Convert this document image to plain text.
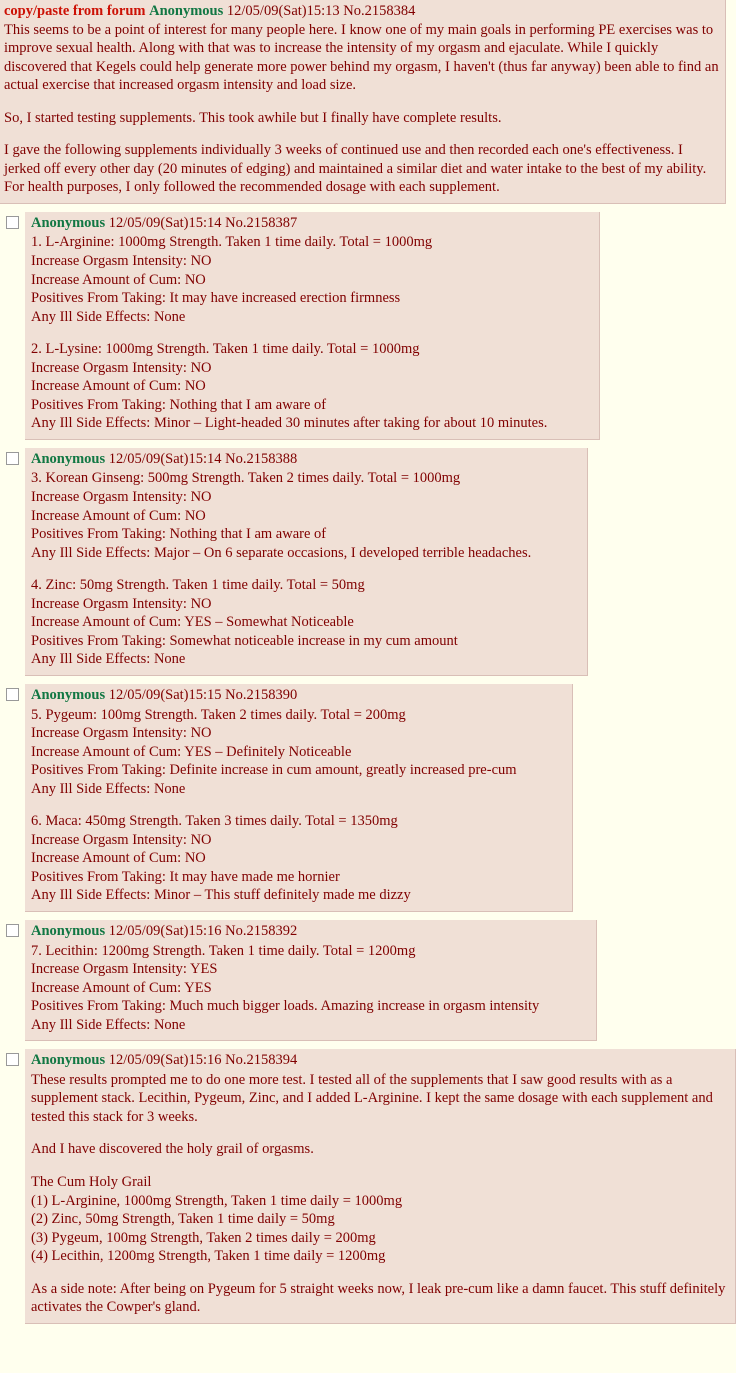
copy/paste from forum Anonymous 12/05/09(Sat)15:13 No.2158384

This seems to be a point of interest for many people here. I know one of my main goals in performing PE exercises was to improve sexual health. Along with that was to increase the intensity of my orgasm and ejaculate. While I quickly discovered that Kegels could help generate more power behind my orgasm, I haven't (thus far anyway) been able to find an actual exercise that increased orgasm intensity and load size.

So, I started testing supplements. This took awhile but I finally have complete results.

I gave the following supplements individually 3 weeks of continued use and then recorded each one's effectiveness. I jerked off every other day (20 minutes of edging) and maintained a similar diet and water intake to the best of my ability. For health purposes, I only followed the recommended dosage with each supplement.

Anonymous 12/05/09(Sat)15:14 No.2158387

1. L-Arginine: 1000mg Strength. Taken 1 time daily. Total = 1000mg

Increase Orgasm Intensity: NO

Increase Amount of Cum: NO

Positives From Taking: It may have increased erection firmness

Any Ill Side Effects: None

2. L-Lysine: 1000mg Strength. Taken 1 time daily. Total = 1000mg

Increase Orgasm Intensity: NO

Increase Amount of Cum: NO

Positives From Taking: Nothing that I am aware of

Any Ill Side Effects: Minor – Light-headed 30 minutes after taking for about 10 minutes.

Anonymous 12/05/09(Sat)15:14 No.2158388

3. Korean Ginseng: 500mg Strength. Taken 2 times daily. Total = 1000mg

Increase Orgasm Intensity: NO

Increase Amount of Cum: NO

Positives From Taking: Nothing that I am aware of

Any Ill Side Effects: Major – On 6 separate occasions, I developed terrible headaches.

4. Zinc: 50mg Strength. Taken 1 time daily. Total = 50mg

Increase Orgasm Intensity: NO

Increase Amount of Cum: YES – Somewhat Noticeable

Positives From Taking: Somewhat noticeable increase in my cum amount

Any Ill Side Effects: None

Anonymous 12/05/09(Sat)15:15 No.2158390

5. Pygeum: 100mg Strength. Taken 2 times daily. Total = 200mg

Increase Orgasm Intensity: NO

Increase Amount of Cum: YES – Definitely Noticeable

Positives From Taking: Definite increase in cum amount, greatly increased pre-cum

Any Ill Side Effects: None

6. Maca: 450mg Strength. Taken 3 times daily. Total = 1350mg

Increase Orgasm Intensity: NO

Increase Amount of Cum: NO

Positives From Taking: It may have made me hornier

Any Ill Side Effects: Minor – This stuff definitely made me dizzy

Anonymous 12/05/09(Sat)15:16 No.2158392

7. Lecithin: 1200mg Strength. Taken 1 time daily. Total = 1200mg

Increase Orgasm Intensity: YES

Increase Amount of Cum: YES

Positives From Taking: Much much bigger loads. Amazing increase in orgasm intensity

Any Ill Side Effects: None

Anonymous 12/05/09(Sat)15:16 No.2158394

These results prompted me to do one more test. I tested all of the supplements that I saw good results with as a supplement stack. Lecithin, Pygeum, Zinc, and I added L-Arginine. I kept the same dosage with each supplement and tested this stack for 3 weeks.

And I have discovered the holy grail of orgasms.

The Cum Holy Grail

(1) L-Arginine, 1000mg Strength, Taken 1 time daily = 1000mg

(2) Zinc, 50mg Strength, Taken 1 time daily = 50mg

(3) Pygeum, 100mg Strength, Taken 2 times daily = 200mg

(4) Lecithin, 1200mg Strength, Taken 1 time daily = 1200mg

As a side note: After being on Pygeum for 5 straight weeks now, I leak pre-cum like a damn faucet. This stuff definitely activates the Cowper's gland.
